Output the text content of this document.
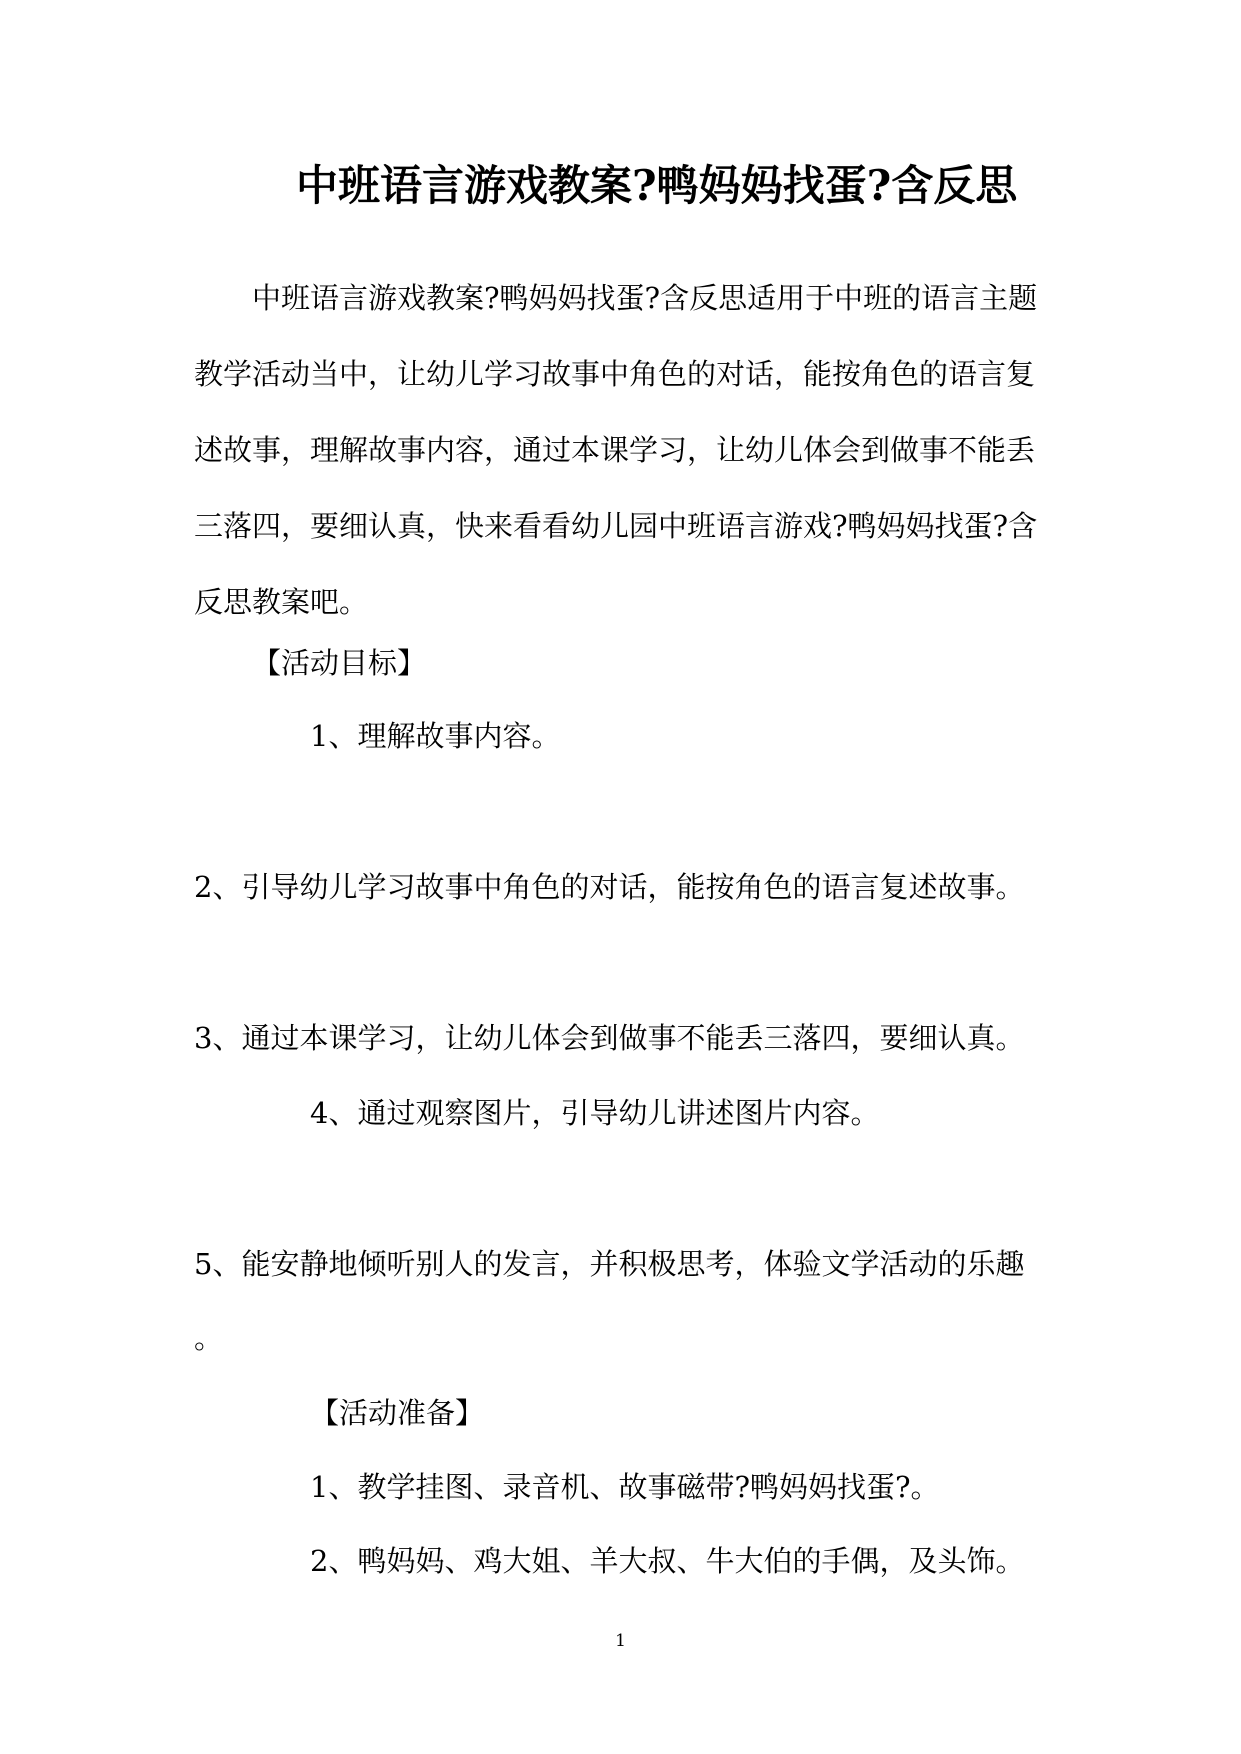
中班语言游戏教案?鸭妈妈找蛋?含反思

中班语言游戏教案?鸭妈妈找蛋?含反思适用于中班的语言主题教学活动当中，让幼儿学习故事中角色的对话，能按角色的语言复述故事，理解故事内容，通过本课学习，让幼儿体会到做事不能丢三落四，要细认真，快来看看幼儿园中班语言游戏?鸭妈妈找蛋?含反思教案吧。

【活动目标】

1、理解故事内容。

2、引导幼儿学习故事中角色的对话，能按角色的语言复述故事。

3、通过本课学习，让幼儿体会到做事不能丢三落四，要细认真。

4、通过观察图片，引导幼儿讲述图片内容。

5、能安静地倾听别人的发言，并积极思考，体验文学活动的乐趣

。

【活动准备】

1、教学挂图、录音机、故事磁带?鸭妈妈找蛋?。

2、鸭妈妈、鸡大姐、羊大叔、牛大伯的手偶，及头饰。

1
